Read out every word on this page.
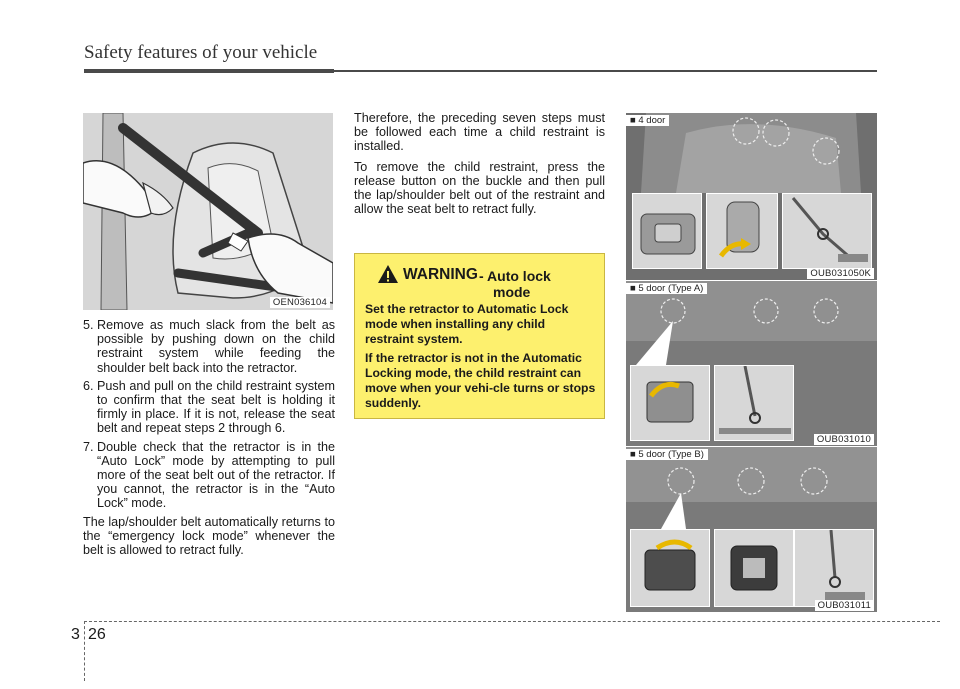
Safety features of your vehicle
OEN036104
5. Remove as much slack from the belt as possible by pushing down on the child restraint system while feeding the shoulder belt back into the retractor.
6. Push and pull on the child restraint system to confirm that the seat belt is holding it firmly in place. If it is not, release the seat belt and repeat steps 2 through 6.
7. Double check that the retractor is in the “Auto Lock” mode by attempting to pull more of the seat belt out of the retractor. If you cannot, the retractor is in the “Auto Lock” mode.

The lap/shoulder belt automatically returns to the “emergency lock mode” whenever the belt is allowed to retract fully.

Therefore, the preceding seven steps must be followed each time a child restraint is installed.

To remove the child restraint, press the release button on the buckle and then pull the lap/shoulder belt out of the restraint and allow the seat belt to retract fully.

WARNING - Auto lock
mode
Set the retractor to Automatic Lock mode when installing any child restraint system.
If the retractor is not in the Automatic Locking mode, the child restraint can move when your vehi-cle turns or stops suddenly.
■ 4 door
OUB031050K
■ 5 door (Type A)
OUB031010
■ 5 door (Type B)
OUB031011
3 26
